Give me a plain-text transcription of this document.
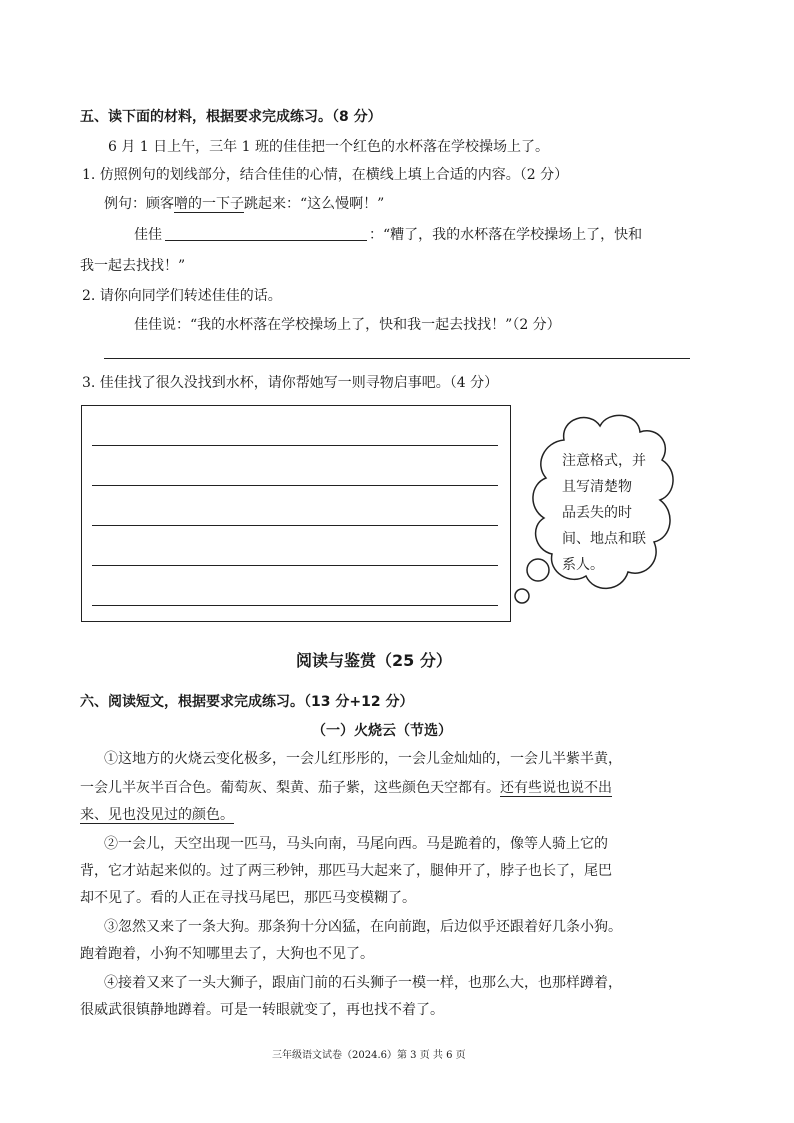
五、读下面的材料，根据要求完成练习。（8 分）
6 月 1 日上午，三年 1 班的佳佳把一个红色的水杯落在学校操场上了。
1. 仿照例句的划线部分，结合佳佳的心情，在横线上填上合适的内容。（2 分）
例句：顾客噌的一下子跳起来：“这么慢啊！”
佳佳	：“糟了，我的水杯落在学校操场上了，快和
我一起去找找！”
2. 请你向同学们转述佳佳的话。
佳佳说：“我的水杯落在学校操场上了，快和我一起去找找！”（2 分）
3. 佳佳找了很久没找到水杯，请你帮她写一则寻物启事吧。（4 分）
注意格式，并
且写清楚物
品丢失的时
间、地点和联
系人。
阅读与鉴赏（25 分）
六、阅读短文，根据要求完成练习。（13 分+12 分）
（一）火烧云（节选）
①这地方的火烧云变化极多，一会儿红彤彤的，一会儿金灿灿的，一会儿半紫半黄，
一会儿半灰半百合色。葡萄灰、梨黄、茄子紫，这些颜色天空都有。还有些说也说不出
来、见也没见过的颜色。
②一会儿，天空出现一匹马，马头向南，马尾向西。马是跪着的，像等人骑上它的
背，它才站起来似的。过了两三秒钟，那匹马大起来了，腿伸开了，脖子也长了，尾巴
却不见了。看的人正在寻找马尾巴，那匹马变模糊了。
③忽然又来了一条大狗。那条狗十分凶猛，在向前跑，后边似乎还跟着好几条小狗。
跑着跑着，小狗不知哪里去了，大狗也不见了。
④接着又来了一头大狮子，跟庙门前的石头狮子一模一样，也那么大，也那样蹲着，
很威武很镇静地蹲着。可是一转眼就变了，再也找不着了。
三年级语文试卷（2024.6）第 3 页 共 6 页
